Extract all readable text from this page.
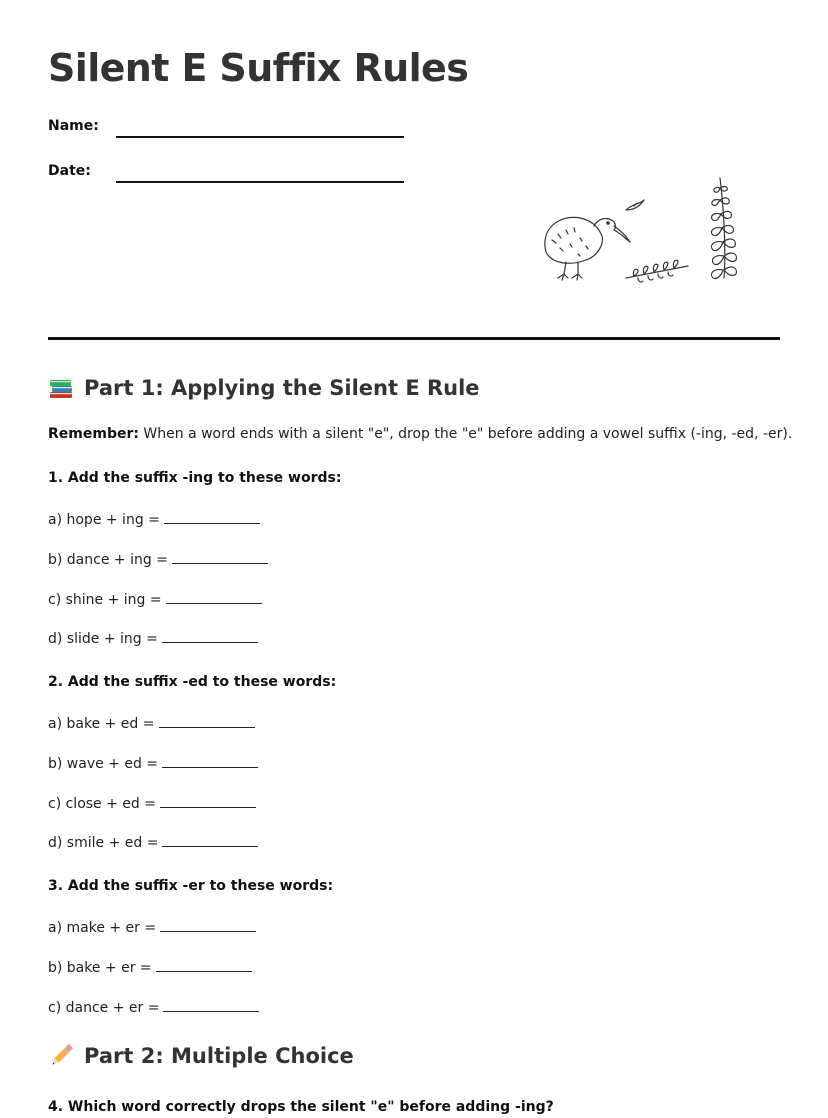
Silent E Suffix Rules
Name:
Date:
Part 1: Applying the Silent E Rule
Remember: When a word ends with a silent "e", drop the "e" before adding a vowel suffix (-ing, -ed, -er).
1. Add the suffix -ing to these words:
a) hope + ing =
b) dance + ing =
c) shine + ing =
d) slide + ing =
2. Add the suffix -ed to these words:
a) bake + ed =
b) wave + ed =
c) close + ed =
d) smile + ed =
3. Add the suffix -er to these words:
a) make + er =
b) bake + er =
c) dance + er =
Part 2: Multiple Choice
4. Which word correctly drops the silent "e" before adding -ing?
